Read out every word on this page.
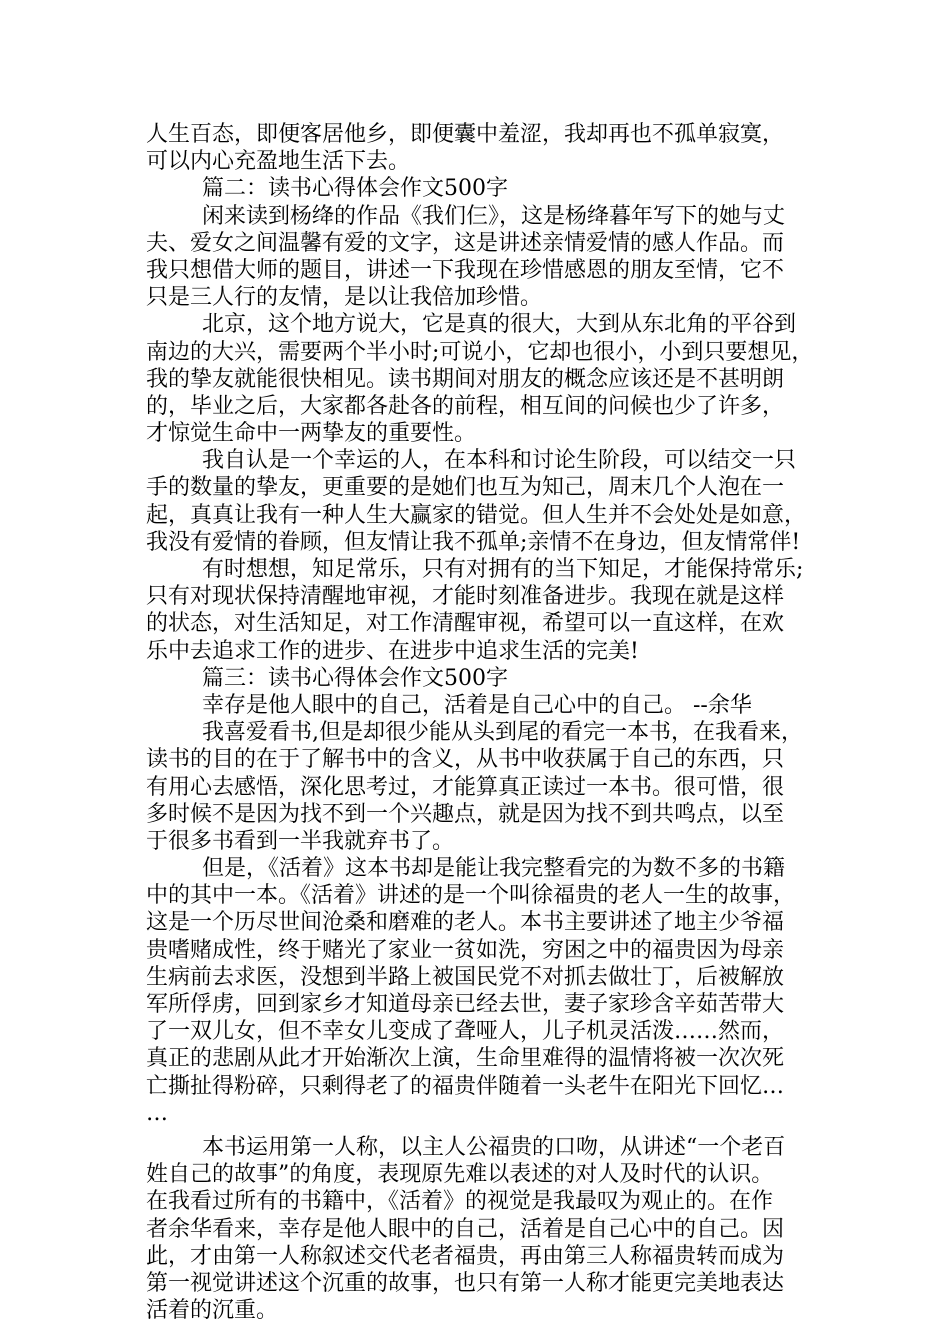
人生百态，即便客居他乡，即便囊中羞涩，我却再也不孤单寂寞，
可以内心充盈地生活下去。
篇二：读书心得体会作文500字
闲来读到杨绛的作品《我们仨》，这是杨绛暮年写下的她与丈
夫、爱女之间温馨有爱的文字，这是讲述亲情爱情的感人作品。而
我只想借大师的题目，讲述一下我现在珍惜感恩的朋友至情，它不
只是三人行的友情，是以让我倍加珍惜。
北京，这个地方说大，它是真的很大，大到从东北角的平谷到
南边的大兴，需要两个半小时;可说小，它却也很小，小到只要想见，
我的挚友就能很快相见。读书期间对朋友的概念应该还是不甚明朗
的，毕业之后，大家都各赴各的前程，相互间的问候也少了许多，
才惊觉生命中一两挚友的重要性。
我自认是一个幸运的人，在本科和讨论生阶段，可以结交一只
手的数量的挚友，更重要的是她们也互为知己，周末几个人泡在一
起，真真让我有一种人生大赢家的错觉。但人生并不会处处是如意，
我没有爱情的眷顾，但友情让我不孤单;亲情不在身边，但友情常伴!
有时想想，知足常乐，只有对拥有的当下知足，才能保持常乐;
只有对现状保持清醒地审视，才能时刻准备进步。我现在就是这样
的状态，对生活知足，对工作清醒审视，希望可以一直这样，在欢
乐中去追求工作的进步、在进步中追求生活的完美!
篇三：读书心得体会作文500字
幸存是他人眼中的自己，活着是自己心中的自己。 --余华
我喜爱看书,但是却很少能从头到尾的看完一本书，在我看来，
读书的目的在于了解书中的含义，从书中收获属于自己的东西，只
有用心去感悟，深化思考过，才能算真正读过一本书。很可惜，很
多时候不是因为找不到一个兴趣点，就是因为找不到共鸣点，以至
于很多书看到一半我就弃书了。
但是，《活着》这本书却是能让我完整看完的为数不多的书籍
中的其中一本。《活着》讲述的是一个叫徐福贵的老人一生的故事，
这是一个历尽世间沧桑和磨难的老人。本书主要讲述了地主少爷福
贵嗜赌成性，终于赌光了家业一贫如洗，穷困之中的福贵因为母亲
生病前去求医，没想到半路上被国民党不对抓去做壮丁，后被解放
军所俘虏，回到家乡才知道母亲已经去世，妻子家珍含辛茹苦带大
了一双儿女，但不幸女儿变成了聋哑人，儿子机灵活泼……然而，
真正的悲剧从此才开始渐次上演，生命里难得的温情将被一次次死
亡撕扯得粉碎，只剩得老了的福贵伴随着一头老牛在阳光下回忆…
…
本书运用第一人称，以主人公福贵的口吻，从讲述“一个老百
姓自己的故事”的角度，表现原先难以表述的对人及时代的认识。
在我看过所有的书籍中，《活着》的视觉是我最叹为观止的。在作
者余华看来，幸存是他人眼中的自己，活着是自己心中的自己。因
此，才由第一人称叙述交代老者福贵，再由第三人称福贵转而成为
第一视觉讲述这个沉重的故事，也只有第一人称才能更完美地表达
活着的沉重。
